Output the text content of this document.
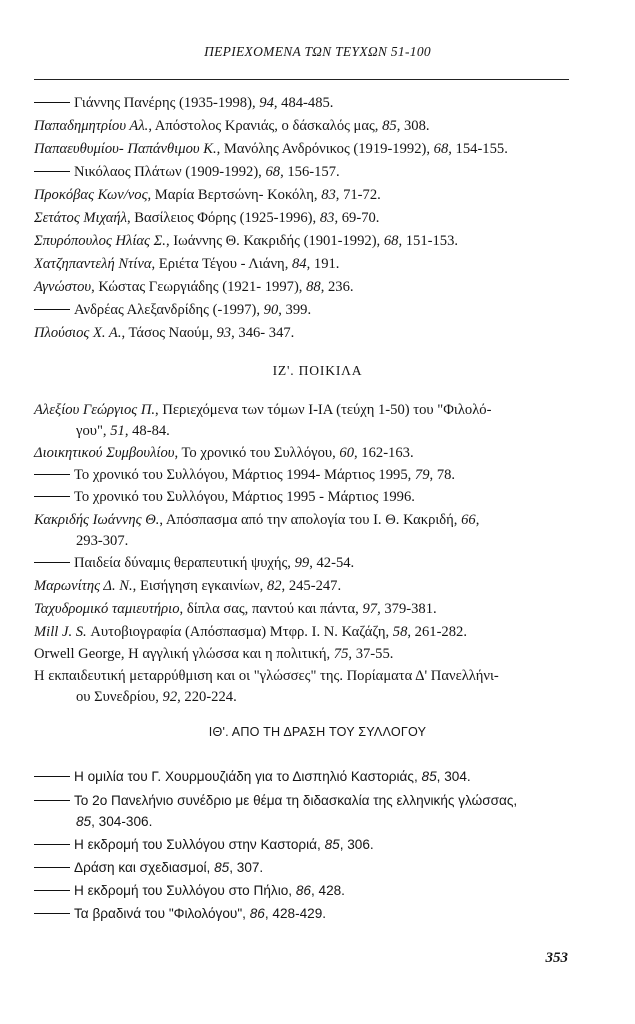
ΠΕΡΙΕΧΟΜΕΝΑ ΤΩΝ ΤΕΥΧΩΝ 51-100
Γιάννης Πανέρης (1935-1998), 94, 484-485.
Παπαδημητρίου Αλ., Απόστολος Κρανιάς, ο δάσκαλός μας, 85, 308.
Παπαευθυμίου- Παπάνθιμου Κ., Μανόλης Ανδρόνικος (1919-1992), 68, 154-155.
Νικόλαος Πλάτων (1909-1992), 68, 156-157.
Προκόβας Κων/νος, Μαρία Βερτσώνη- Κοκόλη, 83, 71-72.
Σετάτος Μιχαήλ, Βασίλειος Φόρης (1925-1996), 83, 69-70.
Σπυρόπουλος Ηλίας Σ., Ιωάννης Θ. Κακριδής (1901-1992), 68, 151-153.
Χατζηπαντελή Ντίνα, Εριέτα Τέγου - Λιάνη, 84, 191.
Αγνώστου, Κώστας Γεωργιάδης (1921- 1997), 88, 236.
Ανδρέας Αλεξανδρίδης (-1997), 90, 399.
Πλούσιος Χ. Α., Τάσος Ναούμ, 93, 346- 347.
ΙΖ'. ΠΟΙΚΙΛΑ
Αλεξίου Γεώργιος Π., Περιεχόμενα των τόμων Ι-ΙΑ (τεύχη 1-50) του "Φιλολό-
γου", 51, 48-84.
Διοικητικού Συμβουλίου, Το χρονικό του Συλλόγου, 60, 162-163.
Το χρονικό του Συλλόγου, Μάρτιος 1994- Μάρτιος 1995, 79, 78.
Το χρονικό του Συλλόγου, Μάρτιος 1995 - Μάρτιος 1996.
Κακριδής Ιωάννης Θ., Απόσπασμα από την απολογία του Ι. Θ. Κακριδή, 66,
293-307.
Παιδεία δύναμις θεραπευτική ψυχής, 99, 42-54.
Μαρωνίτης Δ. Ν., Εισήγηση εγκαινίων, 82, 245-247.
Ταχυδρομικό ταμιευτήριο, δίπλα σας, παντού και πάντα, 97, 379-381.
Mill J. S. Αυτοβιογραφία (Απόσπασμα) Μτφρ. Ι. Ν. Καζάζη, 58, 261-282.
Orwell George, Η αγγλική γλώσσα και η πολιτική, 75, 37-55.
Η εκπαιδευτική μεταρρύθμιση και οι "γλώσσες" της. Πορίαματα Δ' Πανελλήνι-
ου Συνεδρίου, 92, 220-224.
ΙΘ'. ΑΠΟ ΤΗ ΔΡΑΣΗ ΤΟΥ ΣΥΛΛΟΓΟΥ
Η ομιλία του Γ. Χουρμουζιάδη για το Δισπηλιό Καστοριάς, 85, 304.
Το 2ο Πανελήνιο συνέδριο με θέμα τη διδασκαλία της ελληνικής γλώσσας,
85, 304-306.
Η εκδρομή του Συλλόγου στην Καστοριά, 85, 306.
Δράση και σχεδιασμοί, 85, 307.
Η εκδρομή του Συλλόγου στο Πήλιο, 86, 428.
Τα βραδινά του "Φιλολόγου", 86, 428-429.
353
